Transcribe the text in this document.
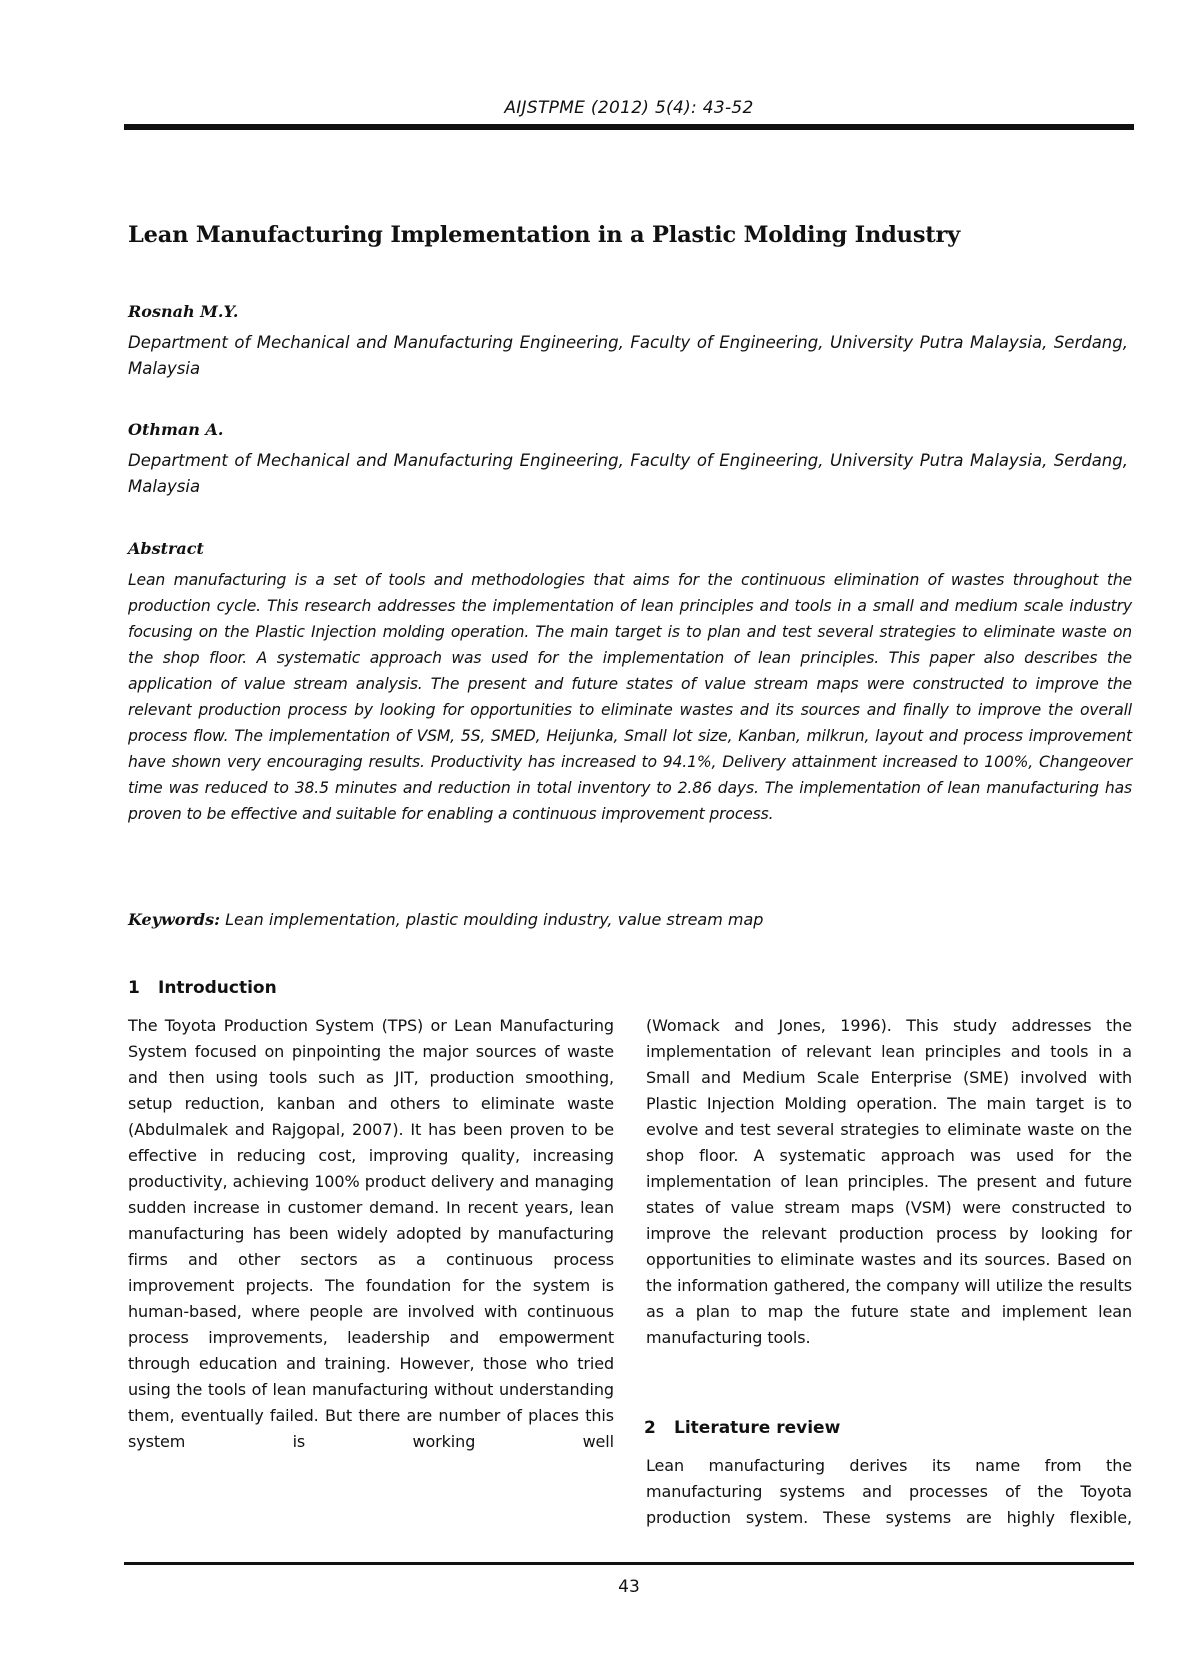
AIJSTPME (2012) 5(4): 43-52
Lean Manufacturing Implementation in a Plastic Molding Industry

Rosnah M.Y.

Department of Mechanical and Manufacturing Engineering, Faculty of Engineering, University Putra Malaysia, Serdang, Malaysia

Othman A.

Department of Mechanical and Manufacturing Engineering, Faculty of Engineering, University Putra Malaysia, Serdang, Malaysia

Abstract

Lean manufacturing is a set of tools and methodologies that aims for the continuous elimination of wastes throughout the production cycle. This research addresses the implementation of lean principles and tools in a small and medium scale industry focusing on the Plastic Injection molding operation. The main target is to plan and test several strategies to eliminate waste on the shop floor. A systematic approach was used for the implementation of lean principles. This paper also describes the application of value stream analysis. The present and future states of value stream maps were constructed to improve the relevant production process by looking for opportunities to eliminate wastes and its sources and finally to improve the overall process flow. The implementation of VSM, 5S, SMED, Heijunka, Small lot size, Kanban, milkrun, layout and process improvement have shown very encouraging results. Productivity has increased to 94.1%, Delivery attainment increased to 100%, Changeover time was reduced to 38.5 minutes and reduction in total inventory to 2.86 days. The implementation of lean manufacturing has proven to be effective and suitable for enabling a continuous improvement process.

Keywords: Lean implementation, plastic moulding industry, value stream map

1 Introduction

The Toyota Production System (TPS) or Lean Manufacturing System focused on pinpointing the major sources of waste and then using tools such as JIT, production smoothing, setup reduction, kanban and others to eliminate waste (Abdulmalek and Rajgopal, 2007). It has been proven to be effective in reducing cost, improving quality, increasing productivity, achieving 100% product delivery and managing sudden increase in customer demand. In recent years, lean manufacturing has been widely adopted by manufacturing firms and other sectors as a continuous process improvement projects. The foundation for the system is human-based, where people are involved with continuous process improvements, leadership and empowerment through education and training. However, those who tried using the tools of lean manufacturing without understanding them, eventually failed. But there are number of places this system is working well

(Womack and Jones, 1996). This study addresses the implementation of relevant lean principles and tools in a Small and Medium Scale Enterprise (SME) involved with Plastic Injection Molding operation. The main target is to evolve and test several strategies to eliminate waste on the shop floor. A systematic approach was used for the implementation of lean principles. The present and future states of value stream maps (VSM) were constructed to improve the relevant production process by looking for opportunities to eliminate wastes and its sources. Based on the information gathered, the company will utilize the results as a plan to map the future state and implement lean manufacturing tools.

2 Literature review

Lean manufacturing derives its name from the manufacturing systems and processes of the Toyota production system. These systems are highly flexible,

43
